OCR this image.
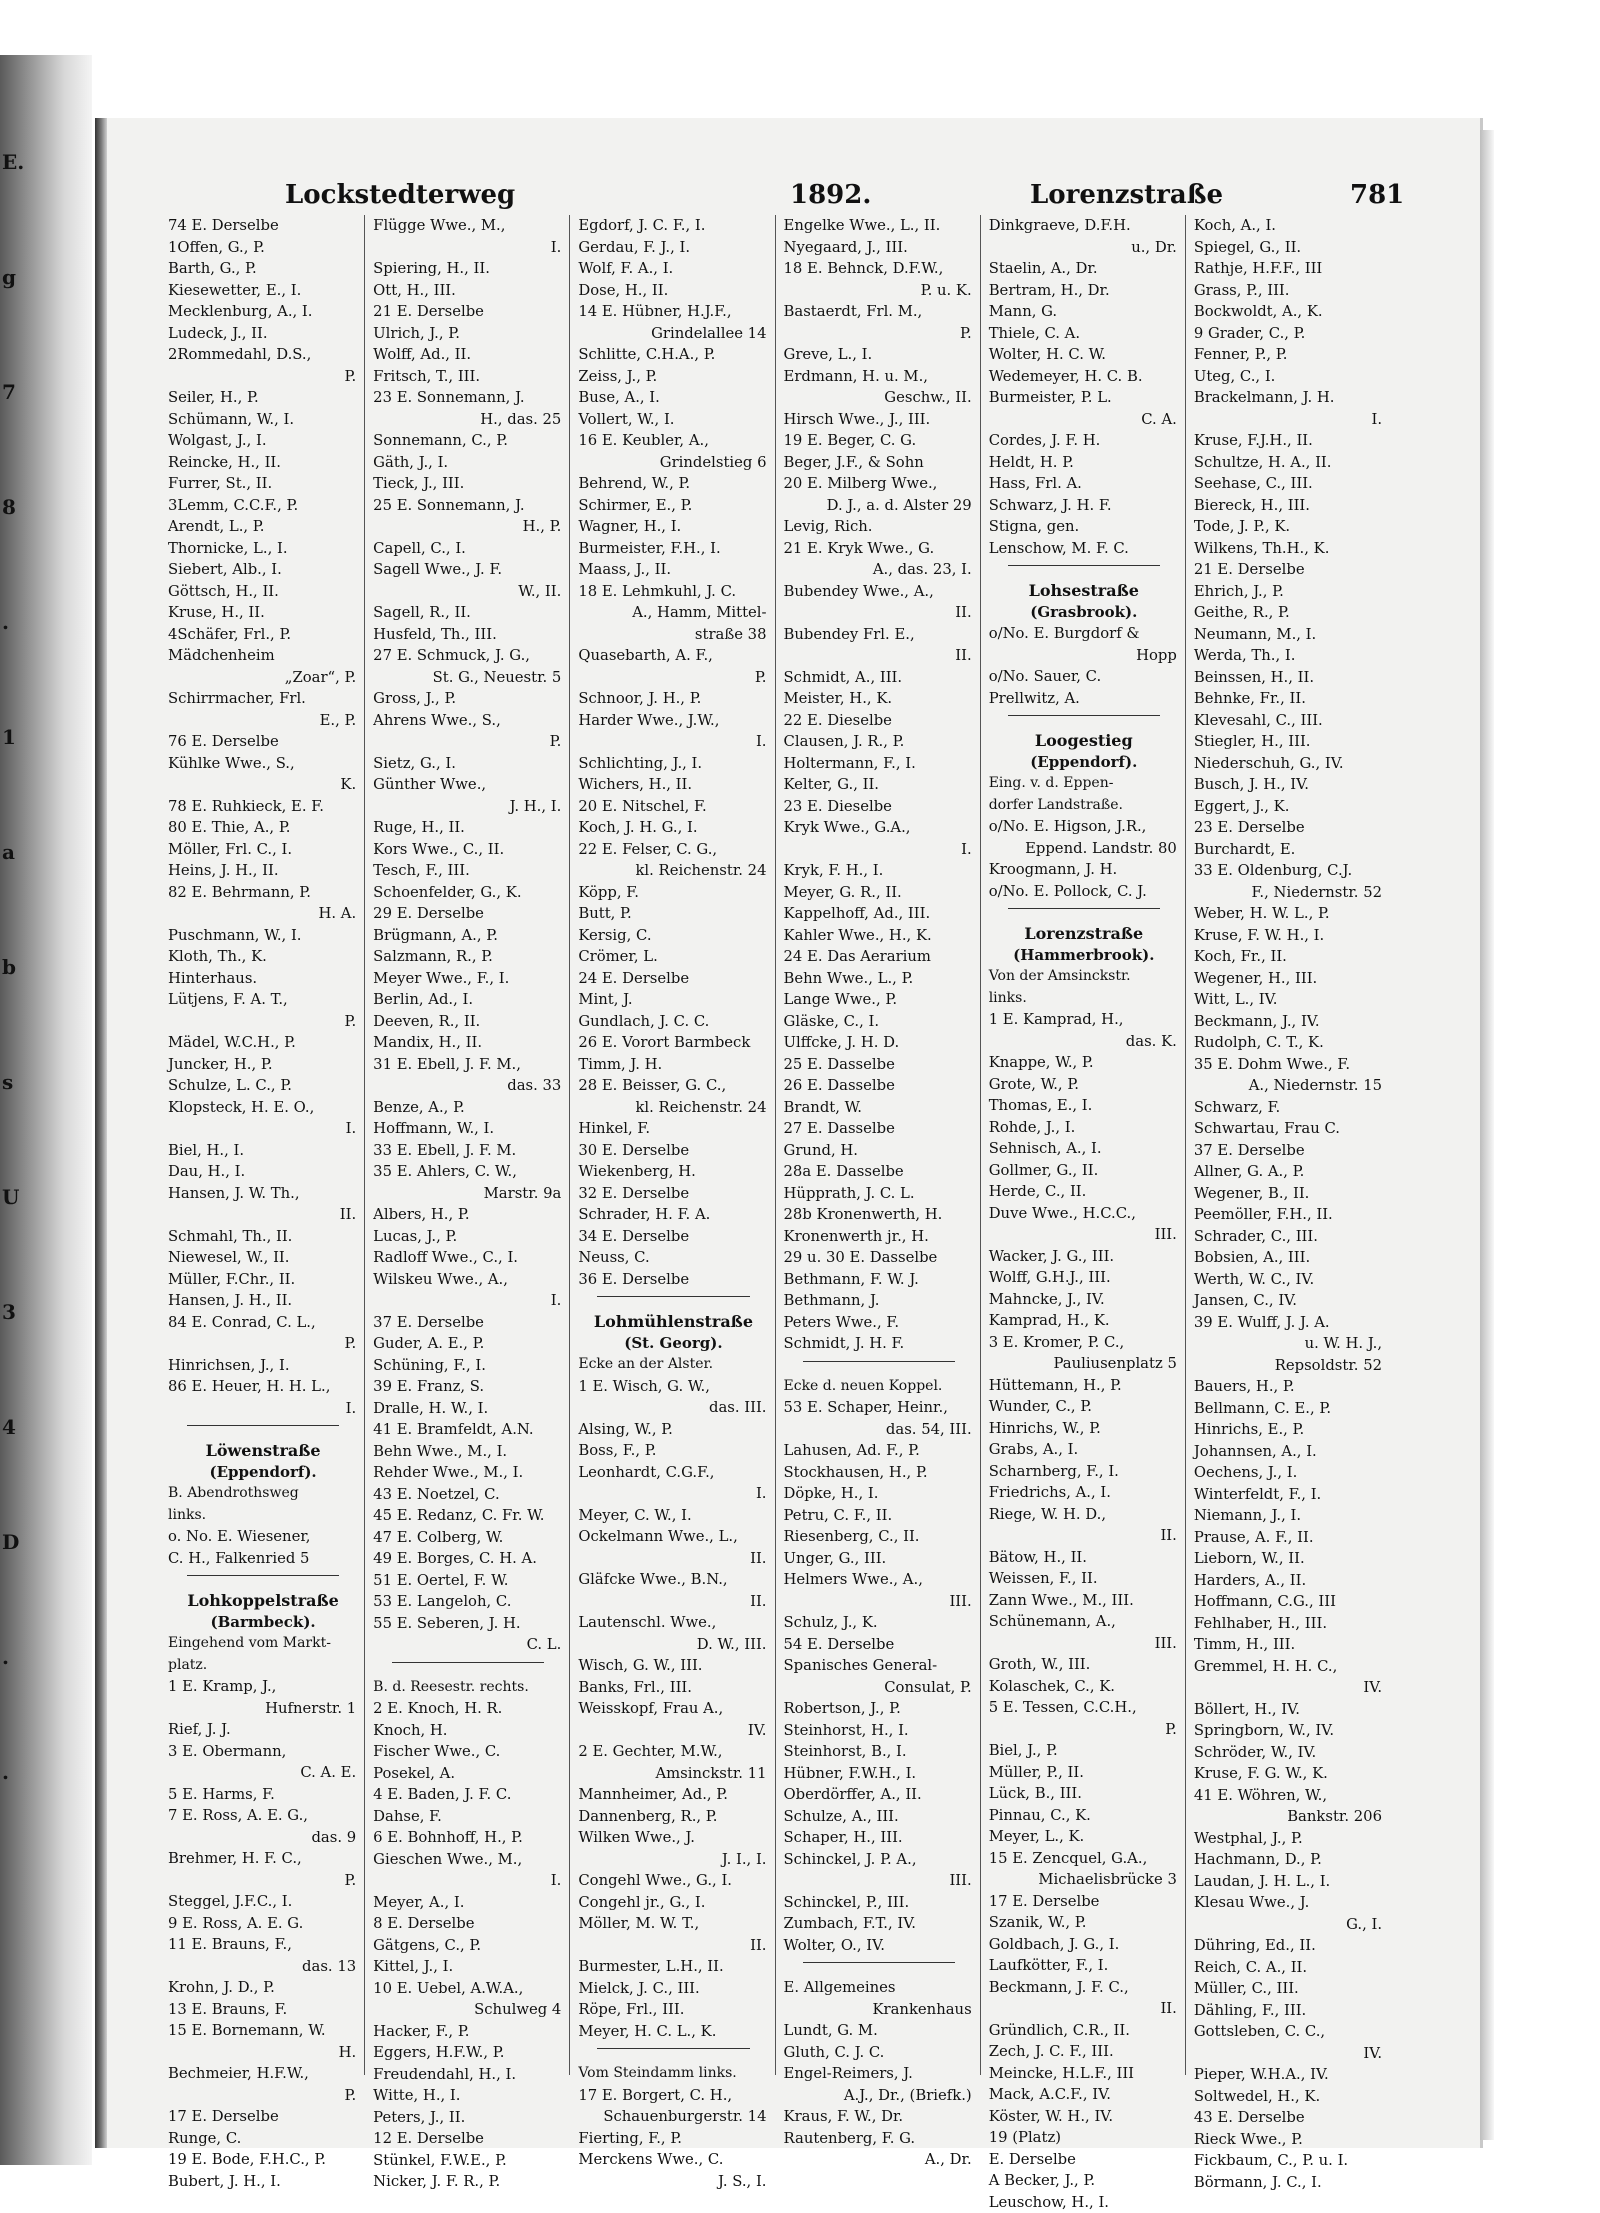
E.
g
7
8
.
1
a
b
s
U
3
4
D
.
.
Lockstedterweg	1892.	Lorenzstraße	781
74 E. Derselbe
1Offen, G., P.
Barth, G., P.
Kiesewetter, E., I.
Mecklenburg, A., I.
Ludeck, J., II.
2Rommedahl, D.S.,
P.
Seiler, H., P.
Schümann, W., I.
Wolgast, J., I.
Reincke, H., II.
Furrer, St., II.
3Lemm, C.C.F., P.
Arendt, L., P.
Thornicke, L., I.
Siebert, Alb., I.
Göttsch, H., II.
Kruse, H., II.
4Schäfer, Frl., P.
Mädchenheim
„Zoar“, P.
Schirrmacher, Frl.
E., P.
76 E. Derselbe
Kühlke Wwe., S.,
K.
78 E. Ruhkieck, E. F.
80 E. Thie, A., P.
Möller, Frl. C., I.
Heins, J. H., II.
82 E. Behrmann, P.
H. A.
Puschmann, W., I.
Kloth, Th., K.
Hinterhaus.
Lütjens, F. A. T.,
P.
Mädel, W.C.H., P.
Juncker, H., P.
Schulze, L. C., P.
Klopsteck, H. E. O.,
I.
Biel, H., I.
Dau, H., I.
Hansen, J. W. Th.,
II.
Schmahl, Th., II.
Niewesel, W., II.
Müller, F.Chr., II.
Hansen, J. H., II.
84 E. Conrad, C. L.,
P.
Hinrichsen, J., I.
86 E. Heuer, H. H. L.,
I.
Löwenstraße
(Eppendorf).
B. Abendrothsweg
links.
o. No. E. Wiesener,
C. H., Falkenried 5
Lohkoppelstraße
(Barmbeck).
Eingehend vom Markt-
platz.
1 E. Kramp, J.,
Hufnerstr. 1
Rief, J. J.
3 E. Obermann,
C. A. E.
5 E. Harms, F.
7 E. Ross, A. E. G.,
das. 9
Brehmer, H. F. C.,
P.
Steggel, J.F.C., I.
9 E. Ross, A. E. G.
11 E. Brauns, F.,
das. 13
Krohn, J. D., P.
13 E. Brauns, F.
15 E. Bornemann, W.
H.
Bechmeier, H.F.W.,
P.
17 E. Derselbe
Runge, C.
19 E. Bode, F.H.C., P.
Bubert, J. H., I.
Flügge Wwe., M.,
I.
Spiering, H., II.
Ott, H., III.
21 E. Derselbe
Ulrich, J., P.
Wolff, Ad., II.
Fritsch, T., III.
23 E. Sonnemann, J.
H., das. 25
Sonnemann, C., P.
Gäth, J., I.
Tieck, J., III.
25 E. Sonnemann, J.
H., P.
Capell, C., I.
Sagell Wwe., J. F.
W., II.
Sagell, R., II.
Husfeld, Th., III.
27 E. Schmuck, J. G.,
St. G., Neuestr. 5
Gross, J., P.
Ahrens Wwe., S.,
P.
Sietz, G., I.
Günther Wwe.,
J. H., I.
Ruge, H., II.
Kors Wwe., C., II.
Tesch, F., III.
Schoenfelder, G., K.
29 E. Derselbe
Brügmann, A., P.
Salzmann, R., P.
Meyer Wwe., F., I.
Berlin, Ad., I.
Deeven, R., II.
Mandix, H., II.
31 E. Ebell, J. F. M.,
das. 33
Benze, A., P.
Hoffmann, W., I.
33 E. Ebell, J. F. M.
35 E. Ahlers, C. W.,
Marstr. 9a
Albers, H., P.
Lucas, J., P.
Radloff Wwe., C., I.
Wilskeu Wwe., A.,
I.
37 E. Derselbe
Guder, A. E., P.
Schüning, F., I.
39 E. Franz, S.
Dralle, H. W., I.
41 E. Bramfeldt, A.N.
Behn Wwe., M., I.
Rehder Wwe., M., I.
43 E. Noetzel, C.
45 E. Redanz, C. Fr. W.
47 E. Colberg, W.
49 E. Borges, C. H. A.
51 E. Oertel, F. W.
53 E. Langeloh, C.
55 E. Seberen, J. H.
C. L.
B. d. Reesestr. rechts.
2 E. Knoch, H. R.
Knoch, H.
Fischer Wwe., C.
Posekel, A.
4 E. Baden, J. F. C.
Dahse, F.
6 E. Bohnhoff, H., P.
Gieschen Wwe., M.,
I.
Meyer, A., I.
8 E. Derselbe
Gätgens, C., P.
Kittel, J., I.
10 E. Uebel, A.W.A.,
Schulweg 4
Hacker, F., P.
Eggers, H.F.W., P.
Freudendahl, H., I.
Witte, H., I.
Peters, J., II.
12 E. Derselbe
Stünkel, F.W.E., P.
Nicker, J. F. R., P.
Egdorf, J. C. F., I.
Gerdau, F. J., I.
Wolf, F. A., I.
Dose, H., II.
14 E. Hübner, H.J.F.,
Grindelallee 14
Schlitte, C.H.A., P.
Zeiss, J., P.
Buse, A., I.
Vollert, W., I.
16 E. Keubler, A.,
Grindelstieg 6
Behrend, W., P.
Schirmer, E., P.
Wagner, H., I.
Burmeister, F.H., I.
Maass, J., II.
18 E. Lehmkuhl, J. C.
A., Hamm, Mittel-
straße 38
Quasebarth, A. F.,
P.
Schnoor, J. H., P.
Harder Wwe., J.W.,
I.
Schlichting, J., I.
Wichers, H., II.
20 E. Nitschel, F.
Koch, J. H. G., I.
22 E. Felser, C. G.,
kl. Reichenstr. 24
Köpp, F.
Butt, P.
Kersig, C.
Crömer, L.
24 E. Derselbe
Mint, J.
Gundlach, J. C. C.
26 E. Vorort Barmbeck
Timm, J. H.
28 E. Beisser, G. C.,
kl. Reichenstr. 24
Hinkel, F.
30 E. Derselbe
Wiekenberg, H.
32 E. Derselbe
Schrader, H. F. A.
34 E. Derselbe
Neuss, C.
36 E. Derselbe
Lohmühlenstraße
(St. Georg).
Ecke an der Alster.
1 E. Wisch, G. W.,
das. III.
Alsing, W., P.
Boss, F., P.
Leonhardt, C.G.F.,
I.
Meyer, C. W., I.
Ockelmann Wwe., L.,
II.
Gläfcke Wwe., B.N.,
II.
Lautenschl. Wwe.,
D. W., III.
Wisch, G. W., III.
Banks, Frl., III.
Weisskopf, Frau A.,
IV.
2 E. Gechter, M.W.,
Amsinckstr. 11
Mannheimer, Ad., P.
Dannenberg, R., P.
Wilken Wwe., J.
J. I., I.
Congehl Wwe., G., I.
Congehl jr., G., I.
Möller, M. W. T.,
II.
Burmester, L.H., II.
Mielck, J. C., III.
Röpe, Frl., III.
Meyer, H. C. L., K.
Vom Steindamm links.
17 E. Borgert, C. H.,
Schauenburgerstr. 14
Fierting, F., P.
Merckens Wwe., C.
J. S., I.
Engelke Wwe., L., II.
Nyegaard, J., III.
18 E. Behnck, D.F.W.,
P. u. K.
Bastaerdt, Frl. M.,
P.
Greve, L., I.
Erdmann, H. u. M.,
Geschw., II.
Hirsch Wwe., J., III.
19 E. Beger, C. G.
Beger, J.F., & Sohn
20 E. Milberg Wwe.,
D. J., a. d. Alster 29
Levig, Rich.
21 E. Kryk Wwe., G.
A., das. 23, I.
Bubendey Wwe., A.,
II.
Bubendey Frl. E.,
II.
Schmidt, A., III.
Meister, H., K.
22 E. Dieselbe
Clausen, J. R., P.
Holtermann, F., I.
Kelter, G., II.
23 E. Dieselbe
Kryk Wwe., G.A.,
I.
Kryk, F. H., I.
Meyer, G. R., II.
Kappelhoff, Ad., III.
Kahler Wwe., H., K.
24 E. Das Aerarium
Behn Wwe., L., P.
Lange Wwe., P.
Gläske, C., I.
Ulffcke, J. H. D.
25 E. Dasselbe
26 E. Dasselbe
Brandt, W.
27 E. Dasselbe
Grund, H.
28a E. Dasselbe
Hüpprath, J. C. L.
28b Kronenwerth, H.
Kronenwerth jr., H.
29 u. 30 E. Dasselbe
Bethmann, F. W. J.
Bethmann, J.
Peters Wwe., F.
Schmidt, J. H. F.
Ecke d. neuen Koppel.
53 E. Schaper, Heinr.,
das. 54, III.
Lahusen, Ad. F., P.
Stockhausen, H., P.
Döpke, H., I.
Petru, C. F., II.
Riesenberg, C., II.
Unger, G., III.
Helmers Wwe., A.,
III.
Schulz, J., K.
54 E. Derselbe
Spanisches General-
Consulat, P.
Robertson, J., P.
Steinhorst, H., I.
Steinhorst, B., I.
Hübner, F.W.H., I.
Oberdörffer, A., II.
Schulze, A., III.
Schaper, H., III.
Schinckel, J. P. A.,
III.
Schinckel, P., III.
Zumbach, F.T., IV.
Wolter, O., IV.
E. Allgemeines
Krankenhaus
Lundt, G. M.
Gluth, C. J. C.
Engel-Reimers, J.
A.J., Dr., (Briefk.)
Kraus, F. W., Dr.
Rautenberg, F. G.
A., Dr.
Dinkgraeve, D.F.H.
u., Dr.
Staelin, A., Dr.
Bertram, H., Dr.
Mann, G.
Thiele, C. A.
Wolter, H. C. W.
Wedemeyer, H. C. B.
Burmeister, P. L.
C. A.
Cordes, J. F. H.
Heldt, H. P.
Hass, Frl. A.
Schwarz, J. H. F.
Stigna, gen.
Lenschow, M. F. C.
Lohsestraße
(Grasbrook).
o/No. E. Burgdorf &
Hopp
o/No. Sauer, C.
Prellwitz, A.
Loogestieg
(Eppendorf).
Eing. v. d. Eppen-
dorfer Landstraße.
o/No. E. Higson, J.R.,
Eppend. Landstr. 80
Kroogmann, J. H.
o/No. E. Pollock, C. J.
Lorenzstraße
(Hammerbrook).
Von der Amsinckstr.
links.
1 E. Kamprad, H.,
das. K.
Knappe, W., P.
Grote, W., P.
Thomas, E., I.
Rohde, J., I.
Sehnisch, A., I.
Gollmer, G., II.
Herde, C., II.
Duve Wwe., H.C.C.,
III.
Wacker, J. G., III.
Wolff, G.H.J., III.
Mahncke, J., IV.
Kamprad, H., K.
3 E. Kromer, P. C.,
Pauliusenplatz 5
Hüttemann, H., P.
Wunder, C., P.
Hinrichs, W., P.
Grabs, A., I.
Scharnberg, F., I.
Friedrichs, A., I.
Riege, W. H. D.,
II.
Bätow, H., II.
Weissen, F., II.
Zann Wwe., M., III.
Schünemann, A.,
III.
Groth, W., III.
Kolaschek, C., K.
5 E. Tessen, C.C.H.,
P.
Biel, J., P.
Müller, P., II.
Lück, B., III.
Pinnau, C., K.
Meyer, L., K.
15 E. Zencquel, G.A.,
Michaelisbrücke 3
17 E. Derselbe
Szanik, W., P.
Goldbach, J. G., I.
Laufkötter, F., I.
Beckmann, J. F. C.,
II.
Gründlich, C.R., II.
Zech, J. C. F., III.
Meincke, H.L.F., III
Mack, A.C.F., IV.
Köster, W. H., IV.
19 (Platz)
E. Derselbe
A Becker, J., P.
Leuschow, H., I.
Koch, A., I.
Spiegel, G., II.
Rathje, H.F.F., III
Grass, P., III.
Bockwoldt, A., K.
9 Grader, C., P.
Fenner, P., P.
Uteg, C., I.
Brackelmann, J. H.
I.
Kruse, F.J.H., II.
Schultze, H. A., II.
Seehase, C., III.
Biereck, H., III.
Tode, J. P., K.
Wilkens, Th.H., K.
21 E. Derselbe
Ehrich, J., P.
Geithe, R., P.
Neumann, M., I.
Werda, Th., I.
Beinssen, H., II.
Behnke, Fr., II.
Klevesahl, C., III.
Stiegler, H., III.
Niederschuh, G., IV.
Busch, J. H., IV.
Eggert, J., K.
23 E. Derselbe
Burchardt, E.
33 E. Oldenburg, C.J.
F., Niedernstr. 52
Weber, H. W. L., P.
Kruse, F. W. H., I.
Koch, Fr., II.
Wegener, H., III.
Witt, L., IV.
Beckmann, J., IV.
Rudolph, C. T., K.
35 E. Dohm Wwe., F.
A., Niedernstr. 15
Schwarz, F.
Schwartau, Frau C.
37 E. Derselbe
Allner, G. A., P.
Wegener, B., II.
Peemöller, F.H., II.
Schrader, C., III.
Bobsien, A., III.
Werth, W. C., IV.
Jansen, C., IV.
39 E. Wulff, J. J. A.
u. W. H. J.,
Repsoldstr. 52
Bauers, H., P.
Bellmann, C. E., P.
Hinrichs, E., P.
Johannsen, A., I.
Oechens, J., I.
Winterfeldt, F., I.
Niemann, J., I.
Prause, A. F., II.
Lieborn, W., II.
Harders, A., II.
Hoffmann, C.G., III
Fehlhaber, H., III.
Timm, H., III.
Gremmel, H. H. C.,
IV.
Böllert, H., IV.
Springborn, W., IV.
Schröder, W., IV.
Kruse, F. G. W., K.
41 E. Wöhren, W.,
Bankstr. 206
Westphal, J., P.
Hachmann, D., P.
Laudan, J. H. L., I.
Klesau Wwe., J.
G., I.
Dühring, Ed., II.
Reich, C. A., II.
Müller, C., III.
Dähling, F., III.
Gottsleben, C. C.,
IV.
Pieper, W.H.A., IV.
Soltwedel, H., K.
43 E. Derselbe
Rieck Wwe., P.
Fickbaum, C., P. u. I.
Börmann, J. C., I.
